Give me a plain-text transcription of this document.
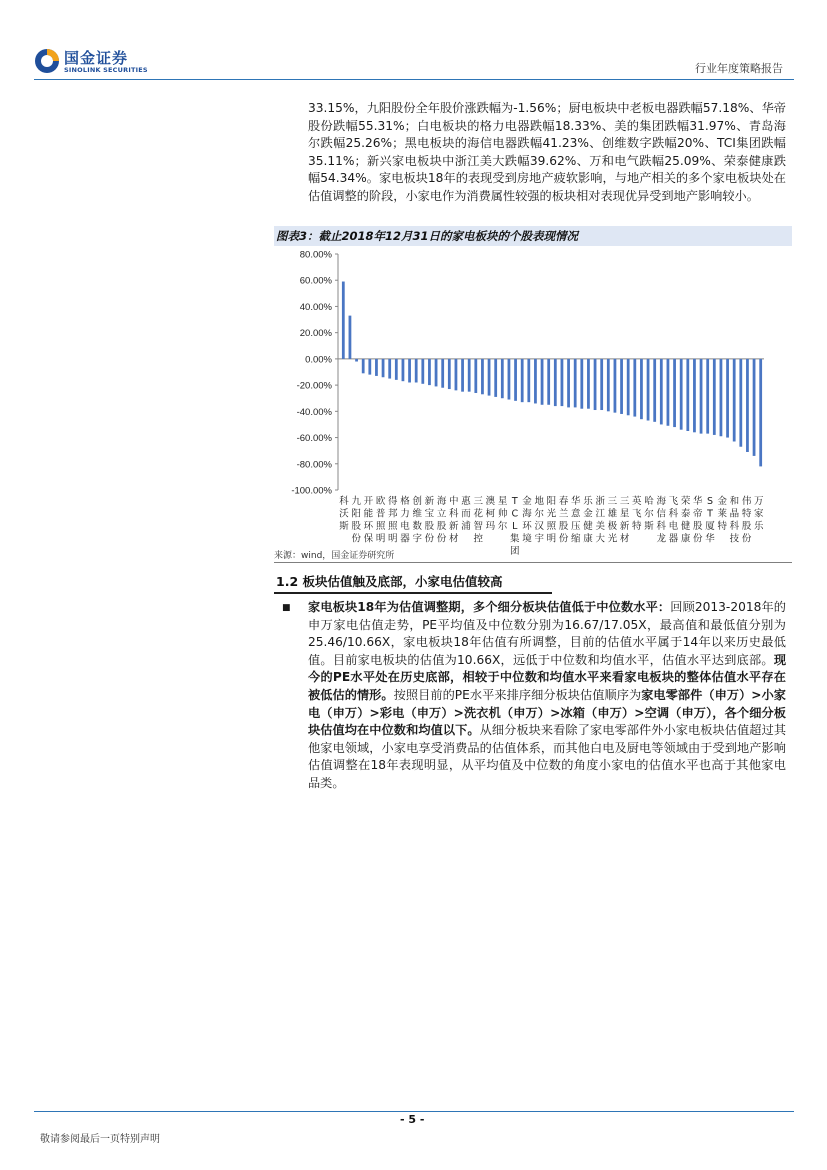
国金证券
SINOLINK SECURITIES	行业年度策略报告
33.15%，九阳股份全年股价涨跌幅为-1.56%；厨电板块中老板电器跌幅57.18%、华帝股份跌幅55.31%；白电板块的格力电器跌幅18.33%、美的集团跌幅31.97%、青岛海尔跌幅25.26%；黑电板块的海信电器跌幅41.23%、创维数字跌幅20%、TCI集团跌幅35.11%；新兴家电板块中浙江美大跌幅39.62%、万和电气跌幅25.09%、荣泰健康跌幅54.34%。家电板块18年的表现受到房地产疲软影响，与地产相关的多个家电板块处在估值调整的阶段，小家电作为消费属性较强的板块相对表现优异受到地产影响较小。
图表3：截止2018年12月31日的家电板块的个股表现情况
80.00%
60.00%
40.00%
20.00%
0.00%
-20.00%
-40.00%
-60.00%
-80.00%
-100.00%
科沃斯
九阳股份
开能环保
欧普照明
得邦照明
格力电器
创维数字
新宝股份
海立股份
中科新材
惠而浦
三花智控
澳柯玛
星帅尔
T C L 集团
金海环境
地尔汉宇
阳光照明
春兰股份
华意压缩
乐金健康
浙江美大
三雄极光
三星新材
英飞特
哈尔斯
海信科龙
飞科电器
荣泰健康
华帝股份
S T 厦华
金莱特
和晶科技
伟特股份
万家乐
来源：wind，国金证券研究所
1.2 板块估值触及底部，小家电估值较高
■ 家电板块18年为估值调整期，多个细分板块估值低于中位数水平：回顾2013-2018年的申万家电估值走势，PE平均值及中位数分别为16.67/17.05X，最高值和最低值分别为25.46/10.66X，家电板块18年估值有所调整，目前的估值水平属于14年以来历史最低值。目前家电板块的估值为10.66X，远低于中位数和均值水平，估值水平达到底部。现今的PE水平处在历史底部，相较于中位数和均值水平来看家电板块的整体估值水平存在被低估的情形。按照目前的PE水平来排序细分板块估值顺序为家电零部件（申万）>小家电（申万）>彩电（申万）>洗衣机（申万）>冰箱（申万）>空调（申万），各个细分板块估值均在中位数和均值以下。从细分板块来看除了家电零部件外小家电板块估值超过其他家电领域，小家电享受消费品的估值体系，而其他白电及厨电等领域由于受到地产影响估值调整在18年表现明显，从平均值及中位数的角度小家电的估值水平也高于其他家电品类。
- 5 -
敬请参阅最后一页特别声明
